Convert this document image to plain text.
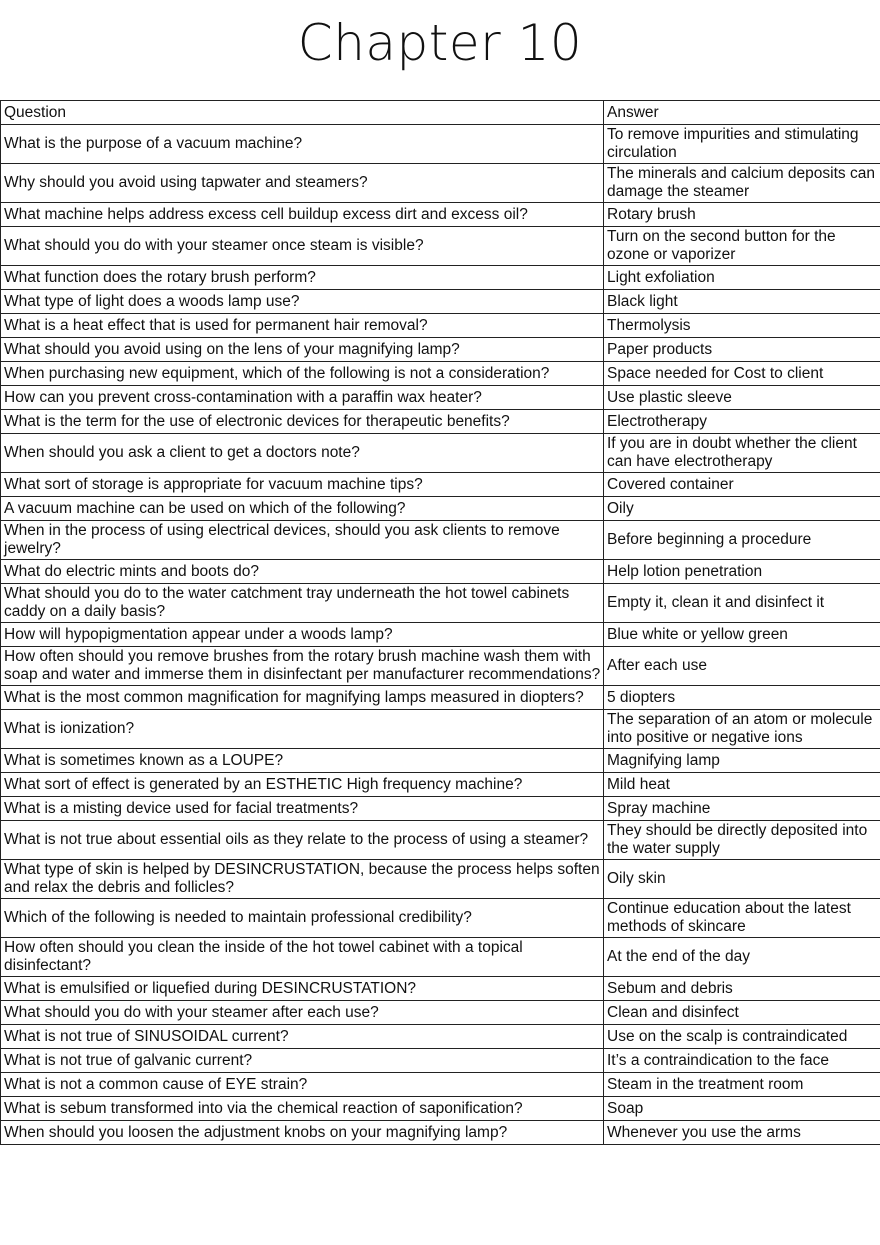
Chapter 10
Question	Answer
What is the purpose of a vacuum machine?	To remove impurities and stimulating circulation
Why should you avoid using tapwater and steamers?	The minerals and calcium deposits can damage the steamer
What machine helps address excess cell buildup excess dirt and excess oil?	Rotary brush
What should you do with your steamer once steam is visible?	Turn on the second button for the ozone or vaporizer
What function does the rotary brush perform?	Light exfoliation
What type of light does a woods lamp use?	Black light
What is a heat effect that is used for permanent hair removal?	Thermolysis
What should you avoid using on the lens of your magnifying lamp?	Paper products
When purchasing new equipment, which of the following is not a consideration?	Space needed for Cost to client
How can you prevent cross-contamination with a paraffin wax heater?	Use plastic sleeve
What is the term for the use of electronic devices for therapeutic benefits?	Electrotherapy
When should you ask a client to get a doctors note?	If you are in doubt whether the client can have electrotherapy
What sort of storage is appropriate for vacuum machine tips?	Covered container
A vacuum machine can be used on which of the following?	Oily
When in the process of using electrical devices, should you ask clients to remove jewelry?	Before beginning a procedure
What do electric mints and boots do?	Help lotion penetration
What should you do to the water catchment tray underneath the hot towel cabinets caddy on a daily basis?	Empty it, clean it and disinfect it
How will hypopigmentation appear under a woods lamp?	Blue white or yellow green
How often should you remove brushes from the rotary brush machine wash them with soap and water and immerse them in disinfectant per manufacturer recommendations?	After each use
What is the most common magnification for magnifying lamps measured in diopters?	5 diopters
What is ionization?	The separation of an atom or molecule into positive or negative ions
What is sometimes known as a LOUPE?	Magnifying lamp
What sort of effect is generated by an ESTHETIC High frequency machine?	Mild heat
What is a misting device used for facial treatments?	Spray machine
What is not true about essential oils as they relate to the process of using a steamer?	They should be directly deposited into the water supply
What type of skin is helped by DESINCRUSTATION, because the process helps soften and relax the debris and follicles?	Oily skin
Which of the following is needed to maintain professional credibility?	Continue education about the latest methods of skincare
How often should you clean the inside of the hot towel cabinet with a topical disinfectant?	At the end of the day
What is emulsified or liquefied during DESINCRUSTATION?	Sebum and debris
What should you do with your steamer after each use?	Clean and disinfect
What is not true of SINUSOIDAL current?	Use on the scalp is contraindicated
What is not true of galvanic current?	It’s a contraindication to the face
What is not a common cause of EYE strain?	Steam in the treatment room
What is sebum transformed into via the chemical reaction of saponification?	Soap
When should you loosen the adjustment knobs on your magnifying lamp?	Whenever you use the arms
